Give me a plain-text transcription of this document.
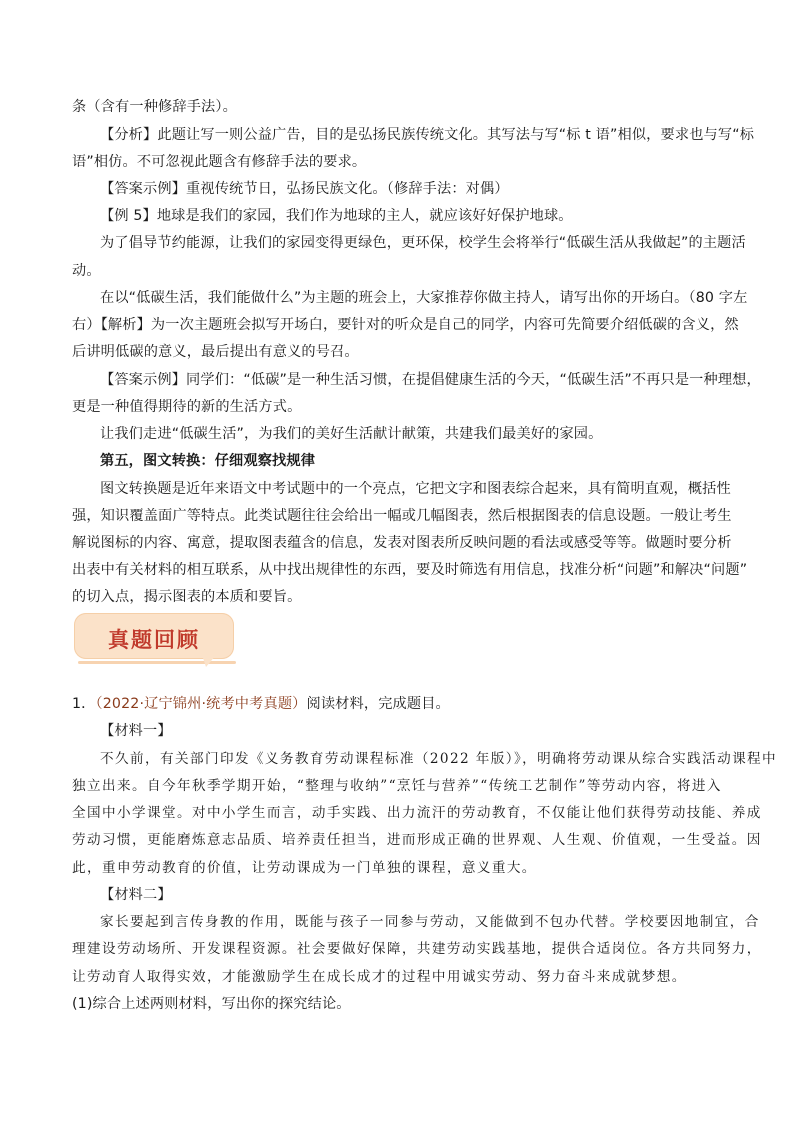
条（含有一种修辞手法）。
【分析】此题让写一则公益广告，目的是弘扬民族传统文化。其写法与写“标 t 语”相似，要求也与写“标
语”相仿。不可忽视此题含有修辞手法的要求。
【答案示例】重视传统节日，弘扬民族文化。（修辞手法：对偶）
【例 5】地球是我们的家园，我们作为地球的主人，就应该好好保护地球。
为了倡导节约能源，让我们的家园变得更绿色，更环保，校学生会将举行“低碳生活从我做起”的主题活
动。
在以“低碳生活，我们能做什么”为主题的班会上，大家推荐你做主持人，请写出你的开场白。（80 字左
右）【解析】为一次主题班会拟写开场白，要针对的听众是自己的同学，内容可先简要介绍低碳的含义，然
后讲明低碳的意义，最后提出有意义的号召。
【答案示例】同学们：“低碳”是一种生活习惯，在提倡健康生活的今天，“低碳生活”不再只是一种理想，
更是一种值得期待的新的生活方式。
让我们走进“低碳生活”，为我们的美好生活献计献策，共建我们最美好的家园。
第五，图文转换：仔细观察找规律
图文转换题是近年来语文中考试题中的一个亮点，它把文字和图表综合起来，具有简明直观，概括性
强，知识覆盖面广等特点。此类试题往往会给出一幅或几幅图表，然后根据图表的信息设题。一般让考生
解说图标的内容、寓意，提取图表蕴含的信息，发表对图表所反映问题的看法或感受等等。做题时要分析
出表中有关材料的相互联系，从中找出规律性的东西，要及时筛选有用信息，找准分析“问题”和解决“问题”
的切入点，揭示图表的本质和要旨。
真题回顾
1．（2022·辽宁锦州·统考中考真题）阅读材料，完成题目。
【材料一】
不久前，有关部门印发《义务教育劳动课程标准（2022 年版）》，明确将劳动课从综合实践活动课程中
独立出来。自今年秋季学期开始，“整理与收纳”“烹饪与营养”“传统工艺制作”等劳动内容，将进入
全国中小学课堂。对中小学生而言，动手实践、出力流汗的劳动教育，不仅能让他们获得劳动技能、养成
劳动习惯，更能磨炼意志品质、培养责任担当，进而形成正确的世界观、人生观、价值观，一生受益。因
此，重申劳动教育的价值，让劳动课成为一门单独的课程，意义重大。
【材料二】
家长要起到言传身教的作用，既能与孩子一同参与劳动，又能做到不包办代替。学校要因地制宜，合
理建设劳动场所、开发课程资源。社会要做好保障，共建劳动实践基地，提供合适岗位。各方共同努力，
让劳动育人取得实效，才能激励学生在成长成才的过程中用诚实劳动、努力奋斗来成就梦想。
(1)综合上述两则材料，写出你的探究结论。
